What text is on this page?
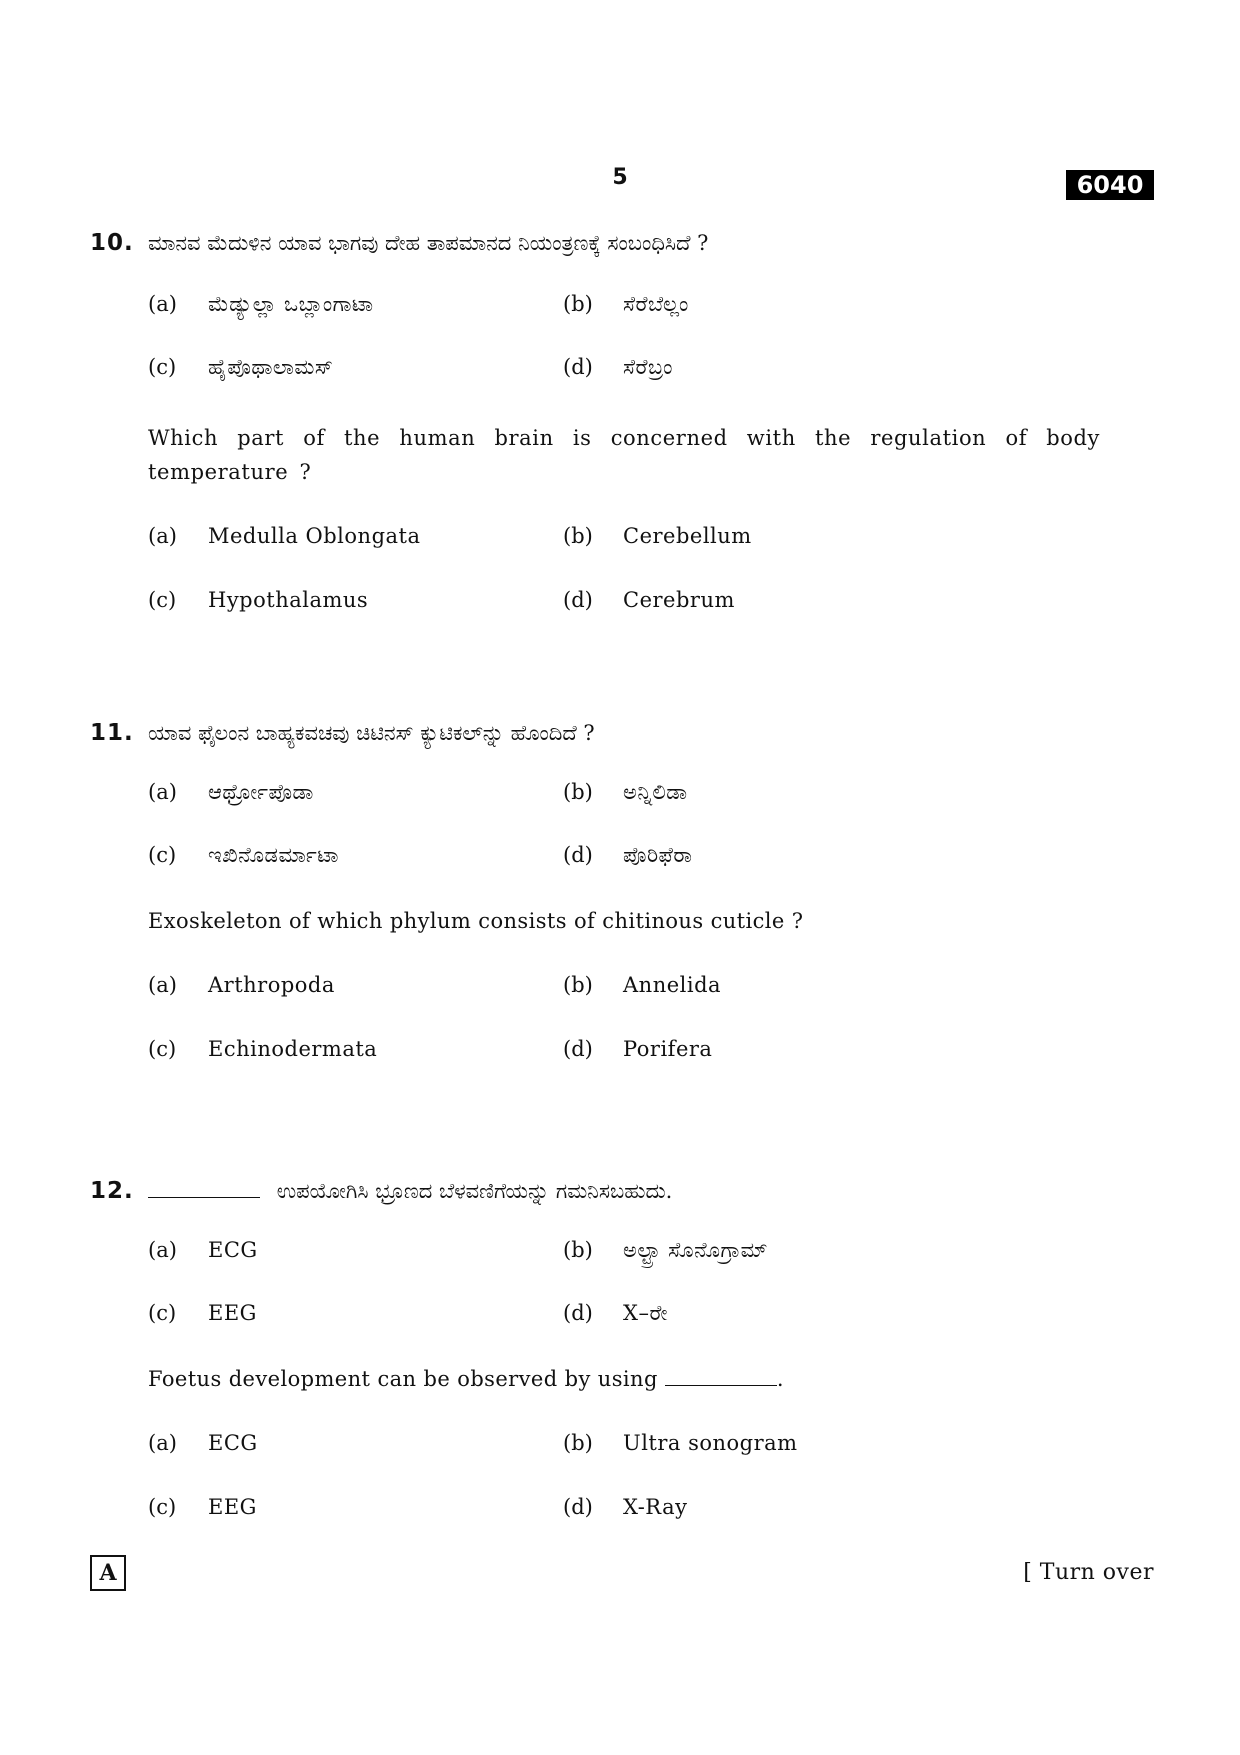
5	6040
10. ಮಾನವ ಮೆದುಳಿನ ಯಾವ ಭಾಗವು ದೇಹ ತಾಪಮಾನದ ನಿಯಂತ್ರಣಕ್ಕೆ ಸಂಬಂಧಿಸಿದೆ ?
(a) ಮೆಡ್ಯುಲ್ಲಾ ಒಬ್ಲಾಂಗಾಟಾ	(b) ಸೆರೆಬೆಲ್ಲಂ
(c) ಹೈಪೊಥಾಲಾಮಸ್	(d) ಸೆರೆಬ್ರಂ
Which part of the human brain is concerned with the regulation of body temperature ?
(a) Medulla Oblongata	(b) Cerebellum
(c) Hypothalamus	(d) Cerebrum
11. ಯಾವ ಫೈಲಂನ ಬಾಹ್ಯಕವಚವು ಚಿಟಿನಸ್ ಕ್ಯುಟಿಕಲ್‌ನ್ನು ಹೊಂದಿದೆ ?
(a) ಆರ್ಥ್ರೋಪೊಡಾ	(b) ಅನ್ನಿಲಿಡಾ
(c) ಇಖಿನೊಡರ್ಮಾಟಾ	(d) ಪೊರಿಫೆರಾ
Exoskeleton of which phylum consists of chitinous cuticle ?
(a) Arthropoda	(b) Annelida
(c) Echinodermata	(d) Porifera
12.	ಉಪಯೋಗಿಸಿ ಭ್ರೂಣದ ಬೆಳವಣಿಗೆಯನ್ನು ಗಮನಿಸಬಹುದು.
(a) ECG	(b) ಅಲ್ಟ್ರಾ ಸೊನೊಗ್ರಾಮ್
(c) EEG	(d) X–ರೇ
Foetus development can be observed by using	.
(a) ECG	(b) Ultra sonogram
(c) EEG	(d) X-Ray
A	[ Turn over
